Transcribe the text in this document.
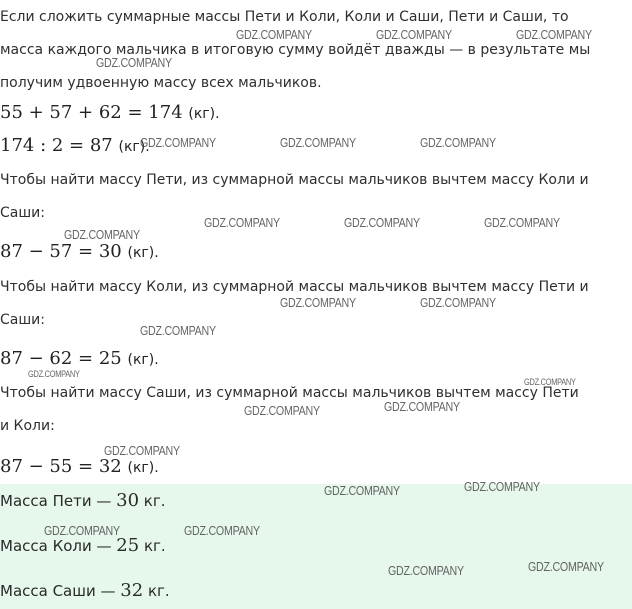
Если сложить суммарные массы Пети и Коли, Коли и Саши, Пети и Саши, то
масса каждого мальчика в итоговую сумму войдёт дважды — в результате мы
получим удвоенную массу всех мальчиков.
55 + 57 + 62 = 174 (кг).
174 : 2 = 87 (кг).
Чтобы найти массу Пети, из суммарной массы мальчиков вычтем массу Коли и
Саши:
87 − 57 = 30 (кг).
Чтобы найти массу Коли, из суммарной массы мальчиков вычтем массу Пети и
Саши:
87 − 62 = 25 (кг).
Чтобы найти массу Саши, из суммарной массы мальчиков вычтем массу Пети
и Коли:
87 − 55 = 32 (кг).
Масса Пети — 30 кг.
Масса Коли — 25 кг.
Масса Саши — 32 кг.
GDZ.COMPANY	GDZ.COMPANY	GDZ.COMPANY
GDZ.COMPANY
GDZ.COMPANY	GDZ.COMPANY	GDZ.COMPANY
GDZ.COMPANY	GDZ.COMPANY	GDZ.COMPANY
GDZ.COMPANY
GDZ.COMPANY	GDZ.COMPANY
GDZ.COMPANY
GDZ.COMPANY
GDZ.COMPANY
GDZ.COMPANY	GDZ.COMPANY
GDZ.COMPANY
GDZ.COMPANY	GDZ.COMPANY
GDZ.COMPANY	GDZ.COMPANY
GDZ.COMPANY	GDZ.COMPANY
